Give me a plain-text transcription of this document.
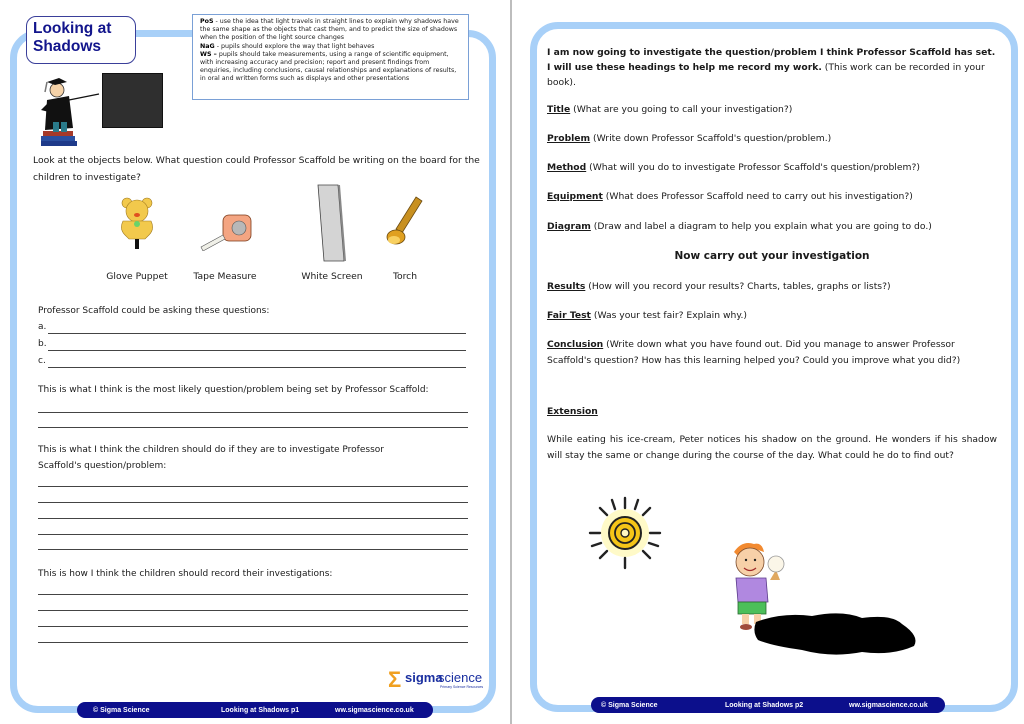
Looking at
Shadows
PoS - use the idea that light travels in straight lines to explain why shadows have the same shape as the objects that cast them, and to predict the size of shadows when the position of the light source changes
NaG - pupils should explore the way that light behaves
WS – pupils should take measurements, using a range of scientific equipment, with increasing accuracy and precision; report and present findings from enquiries, including conclusions, causal relationships and explanations of results, in oral and written forms such as displays and other presentations
Look at the objects below. What question could Professor Scaffold be writing on the board for the children to investigate?
Glove Puppet	Tape Measure	White Screen	Torch
Professor Scaffold could be asking these questions:
a.
b.
c.
This is what I think is the most likely question/problem being set by Professor Scaffold:
This is what I think the children should do if they are to investigate Professor
Scaffold's question/problem:
This is how I think the children should record their investigations:
Σ sigma
science
Primary Science Resources
© Sigma Science	Looking at Shadows p1	ww.sigmascience.co.uk
I am now going to investigate the question/problem I think Professor Scaffold has set. I will use these headings to help me record my work. (This work can be recorded in your book).
Title (What are you going to call your investigation?)
Problem (Write down Professor Scaffold's question/problem.)
Method (What will you do to investigate Professor Scaffold's question/problem?)
Equipment (What does Professor Scaffold need to carry out his investigation?)
Diagram (Draw and label a diagram to help you explain what you are going to do.)
Now carry out your investigation
Results (How will you record your results? Charts, tables, graphs or lists?)
Fair Test (Was your test fair? Explain why.)
Conclusion (Write down what you have found out. Did you manage to answer Professor Scaffold's question? How has this learning helped you? Could you improve what you did?)
Extension
While eating his ice-cream, Peter notices his shadow on the ground. He wonders if his shadow will stay the same or change during the course of the day. What could he do to find out?
© Sigma Science	Looking at Shadows p2	ww.sigmascience.co.uk
